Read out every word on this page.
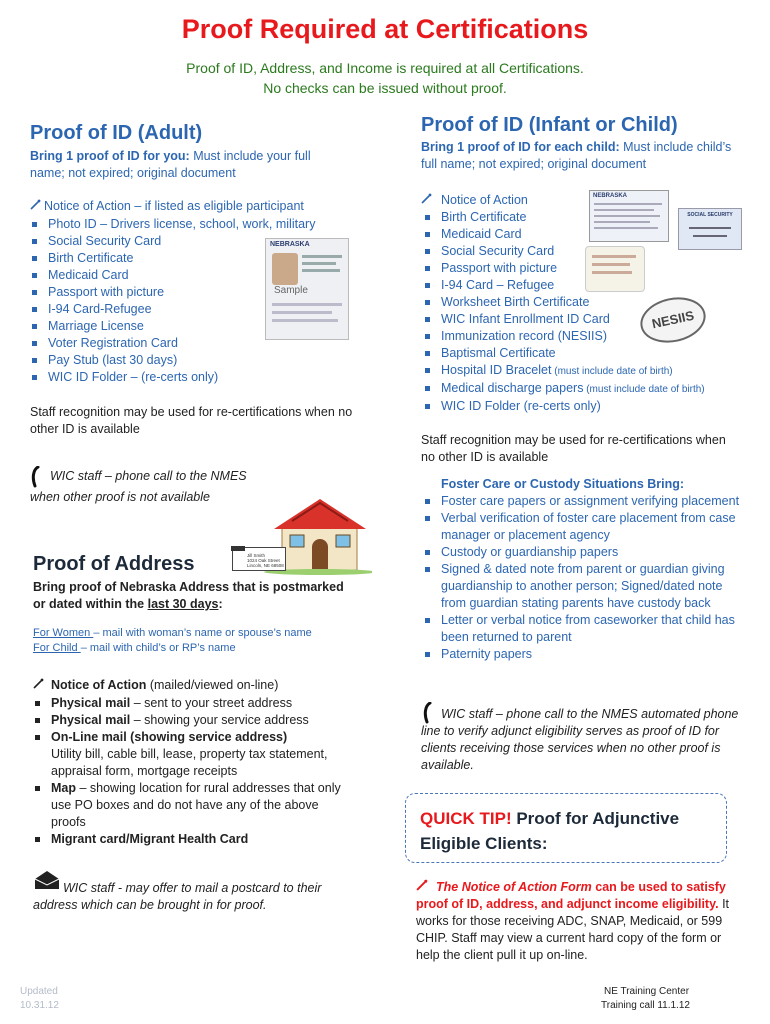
Proof Required at Certifications
Proof of ID, Address, and Income is required at all Certifications.
No checks can be issued without proof.
Proof of ID (Adult)
Bring 1 proof of ID for you: Must include your full name; not expired; original document
Notice of Action – if listed as eligible participant
Photo ID – Drivers license, school, work, military
Social Security Card
Birth Certificate
Medicaid Card
Passport with picture
I-94 Card-Refugee
Marriage License
Voter Registration Card
Pay Stub (last 30 days)
WIC ID Folder – (re-certs only)
NEBRASKA
Sample
Staff recognition may be used for re-certifications when no other ID is available
WIC staff – phone call to the NMES
when other proof is not available
Jill Smith
1024 Oak Street
Lincoln, NE 68508
Proof of Address
Bring proof of Nebraska Address that is postmarked
or dated within the last 30 days:
For Women – mail with woman’s name or spouse’s name
For Child – mail with child’s or RP’s name
Notice of Action (mailed/viewed on-line)
Physical mail – sent to your street address
Physical mail – showing your service address
On-Line mail (showing service address)
Utility bill, cable bill, lease, property tax statement, appraisal form, mortgage receipts
Map – showing location for rural addresses that only use PO boxes and do not have any of the above proofs
Migrant card/Migrant Health Card
WIC staff - may offer to mail a postcard to their address which can be brought in for proof.
Proof of ID (Infant or Child)
Bring 1 proof of ID for each child: Must include child’s full name; not expired; original document
Notice of Action
Birth Certificate
Medicaid Card
Social Security Card
Passport with picture
I-94 Card – Refugee
Worksheet Birth Certificate
WIC Infant Enrollment ID Card
Immunization record (NESIIS)
Baptismal Certificate
Hospital ID Bracelet (must include date of birth)
Medical discharge papers (must include date of birth)
WIC ID Folder (re-certs only)
NEBRASKA
SOCIAL SECURITY
NESIIS
Staff recognition may be used for re-certifications when no other ID is available
Foster Care or Custody Situations Bring:
Foster care papers or assignment verifying placement
Verbal verification of foster care placement from case manager or placement agency
Custody or guardianship papers
Signed & dated note from parent or guardian giving guardianship to another person; Signed/dated note from guardian stating parents have custody back
Letter or verbal notice from caseworker that child has been returned to parent
Paternity papers
WIC staff – phone call to the NMES automated phone line to verify adjunct eligibility serves as proof of ID for clients receiving those services when no other proof is available.
QUICK TIP! Proof for Adjunctive
Eligible Clients:
The Notice of Action Form can be used to satisfy proof of ID, address, and adjunct income eligibility. It works for those receiving ADC, SNAP, Medicaid, or 599 CHIP. Staff may view a current hard copy of the form or help the client pull it up on-line.
Updated
10.31.12
NE Training Center
Training call 11.1.12
